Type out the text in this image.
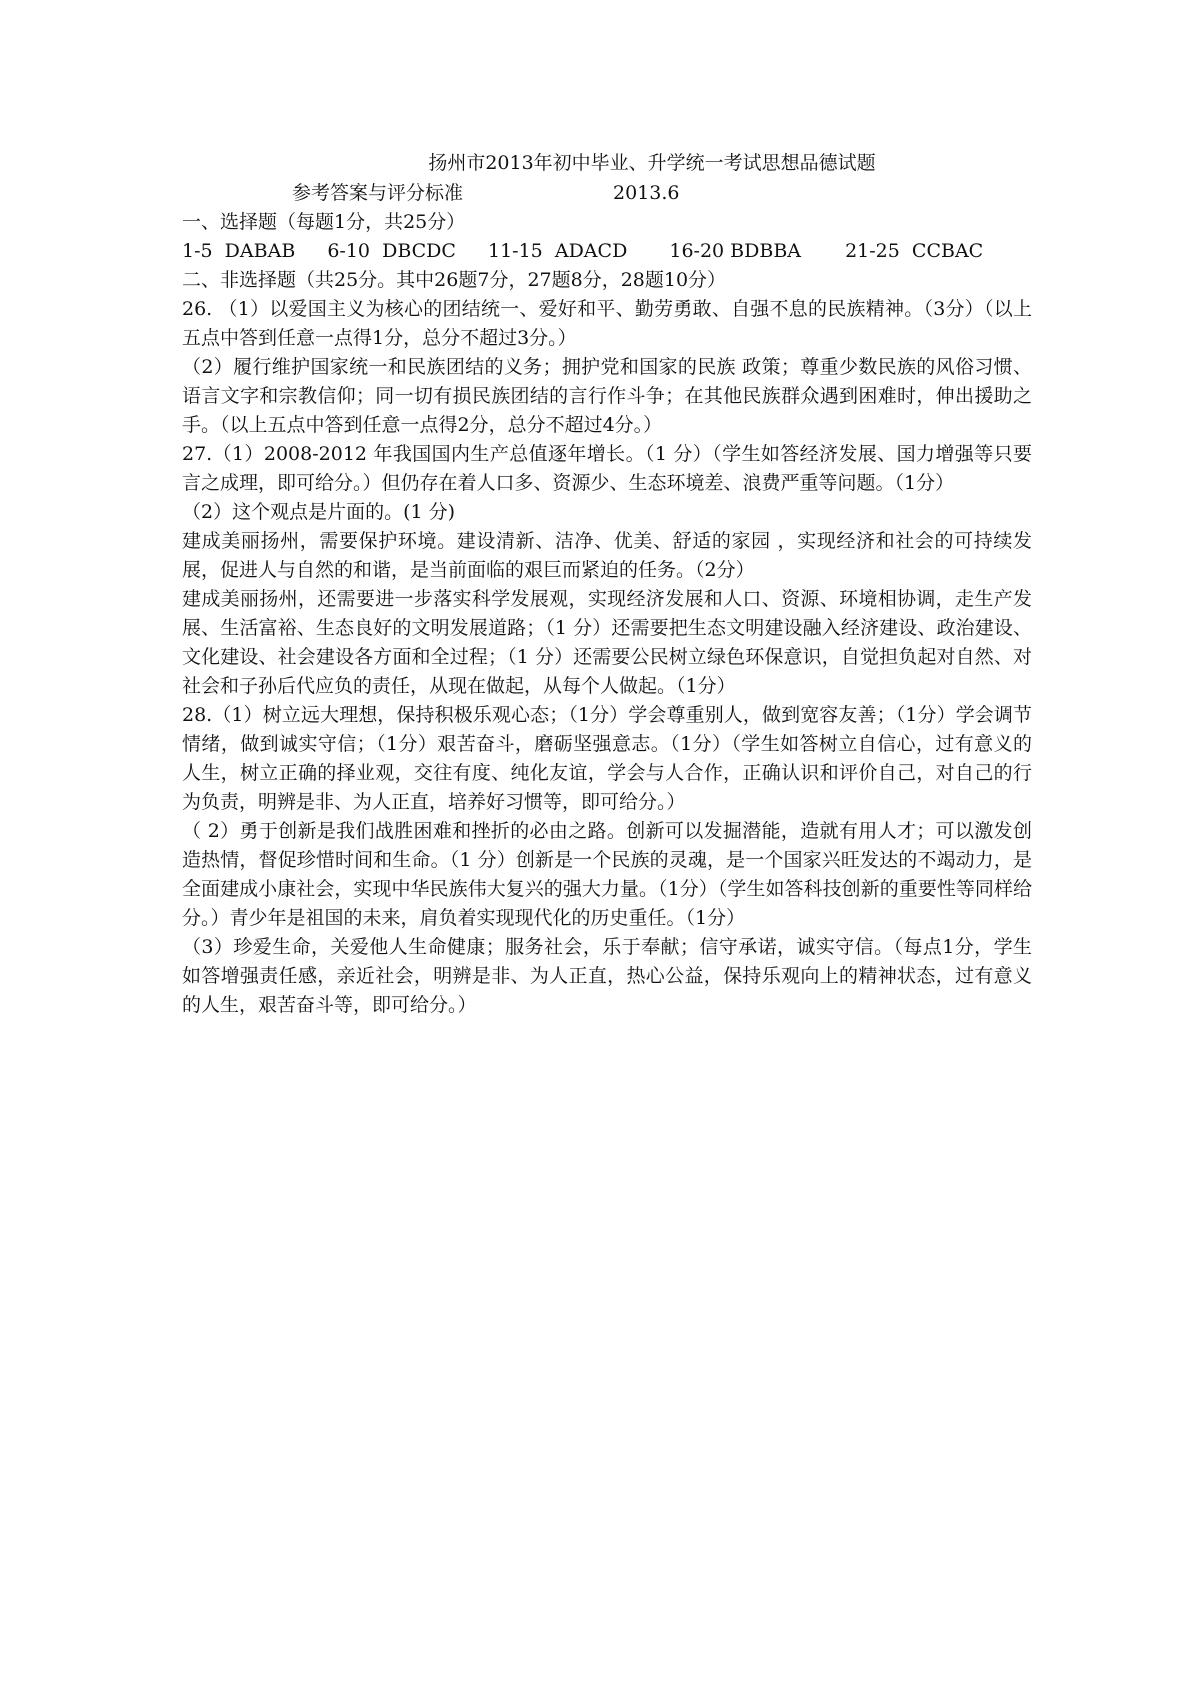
扬州市2013年初中毕业、升学统一考试思想品德试题
参考答案与评分标准	2013.6
一、选择题（每题1分，共25分）
1-5  DABAB 6-10  DBCDC 11-15  ADACD 16-20 BDBBA 21-25  CCBAC
二、非选择题（共25分。其中26题7分，27题8分，28题10分）

26. （1）以爱国主义为核心的团结统一、爱好和平、勤劳勇敢、自强不息的民族精神。（3分）（以上五点中答到任意一点得1分，总分不超过3分。）

（2）履行维护国家统一和民族团结的义务；拥护党和国家的民族 政策；尊重少数民族的风俗习惯、语言文字和宗教信仰；同一切有损民族团结的言行作斗争；在其他民族群众遇到困难时，伸出援助之手。（以上五点中答到任意一点得2分，总分不超过4分。）

27.（1）2008-2012 年我国国内生产总值逐年增长。（1 分）（学生如答经济发展、国力增强等只要言之成理，即可给分。）但仍存在着人口多、资源少、生态环境差、浪费严重等问题。（1分）

（2）这个观点是片面的。(1 分)

建成美丽扬州，需要保护环境。建设清新、洁净、优美、舒适的家园 ，实现经济和社会的可持续发展，促进人与自然的和谐，是当前面临的艰巨而紧迫的任务。（2分）

建成美丽扬州，还需要进一步落实科学发展观，实现经济发展和人口、资源、环境相协调，走生产发展、生活富裕、生态良好的文明发展道路；（1 分）还需要把生态文明建设融入经济建设、政治建设、文化建设、社会建设各方面和全过程；（1 分）还需要公民树立绿色环保意识，自觉担负起对自然、对社会和子孙后代应负的责任，从现在做起，从每个人做起。（1分）

28.（1）树立远大理想，保持积极乐观心态；（1分）学会尊重别人，做到宽容友善；（1分）学会调节情绪，做到诚实守信；（1分）艰苦奋斗，磨砺坚强意志。（1分）（学生如答树立自信心，过有意义的人生，树立正确的择业观，交往有度、纯化友谊，学会与人合作，正确认识和评价自己，对自己的行为负责，明辨是非、为人正直，培养好习惯等，即可给分。）

（ 2）勇于创新是我们战胜困难和挫折的必由之路。创新可以发掘潜能，造就有用人才；可以激发创造热情，督促珍惜时间和生命。（1 分）创新是一个民族的灵魂，是一个国家兴旺发达的不竭动力，是全面建成小康社会，实现中华民族伟大复兴的强大力量。（1分）（学生如答科技创新的重要性等同样给分。）青少年是祖国的未来，肩负着实现现代化的历史重任。（1分）

（3）珍爱生命，关爱他人生命健康；服务社会，乐于奉献；信守承诺，诚实守信。（每点1分，学生如答增强责任感，亲近社会，明辨是非、为人正直，热心公益，保持乐观向上的精神状态，过有意义的人生，艰苦奋斗等，即可给分。）
